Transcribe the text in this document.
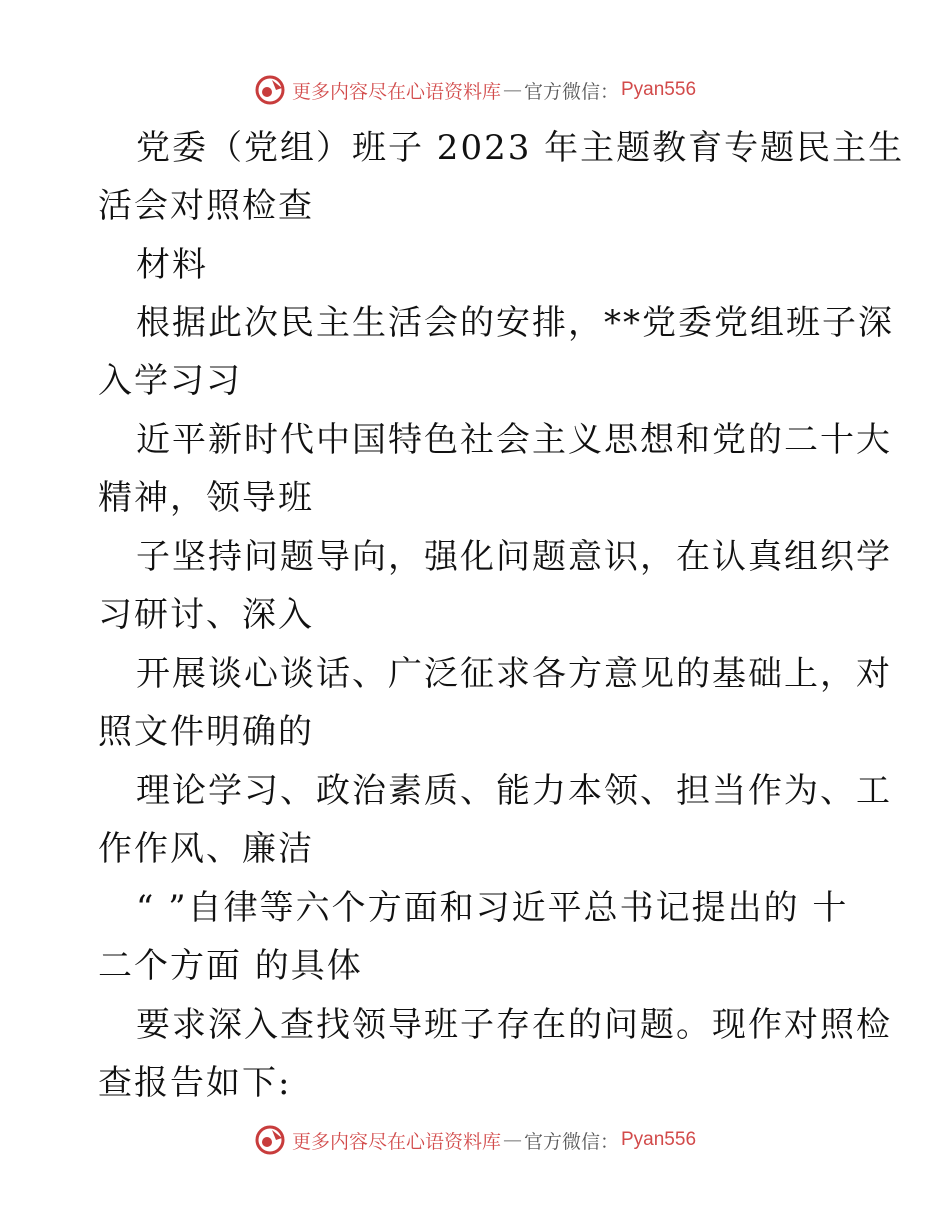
更多内容尽在心语资料库 — 官方微信： Pyan556
党委（党组）班子 2023 年主题教育专题民主生
活会对照检查
材料
根据此次民主生活会的安排，**党委党组班子深
入学习习
近平新时代中国特色社会主义思想和党的二十大
精神，领导班
子坚持问题导向，强化问题意识，在认真组织学
习研讨、深入
开展谈心谈话、广泛征求各方意见的基础上，对
照文件明确的
理论学习、政治素质、能力本领、担当作为、工
作作风、廉洁
“ ”自律等六个方面和习近平总书记提出的 十
二个方面 的具体
要求深入查找领导班子存在的问题。现作对照检
查报告如下:
更多内容尽在心语资料库 — 官方微信： Pyan556
